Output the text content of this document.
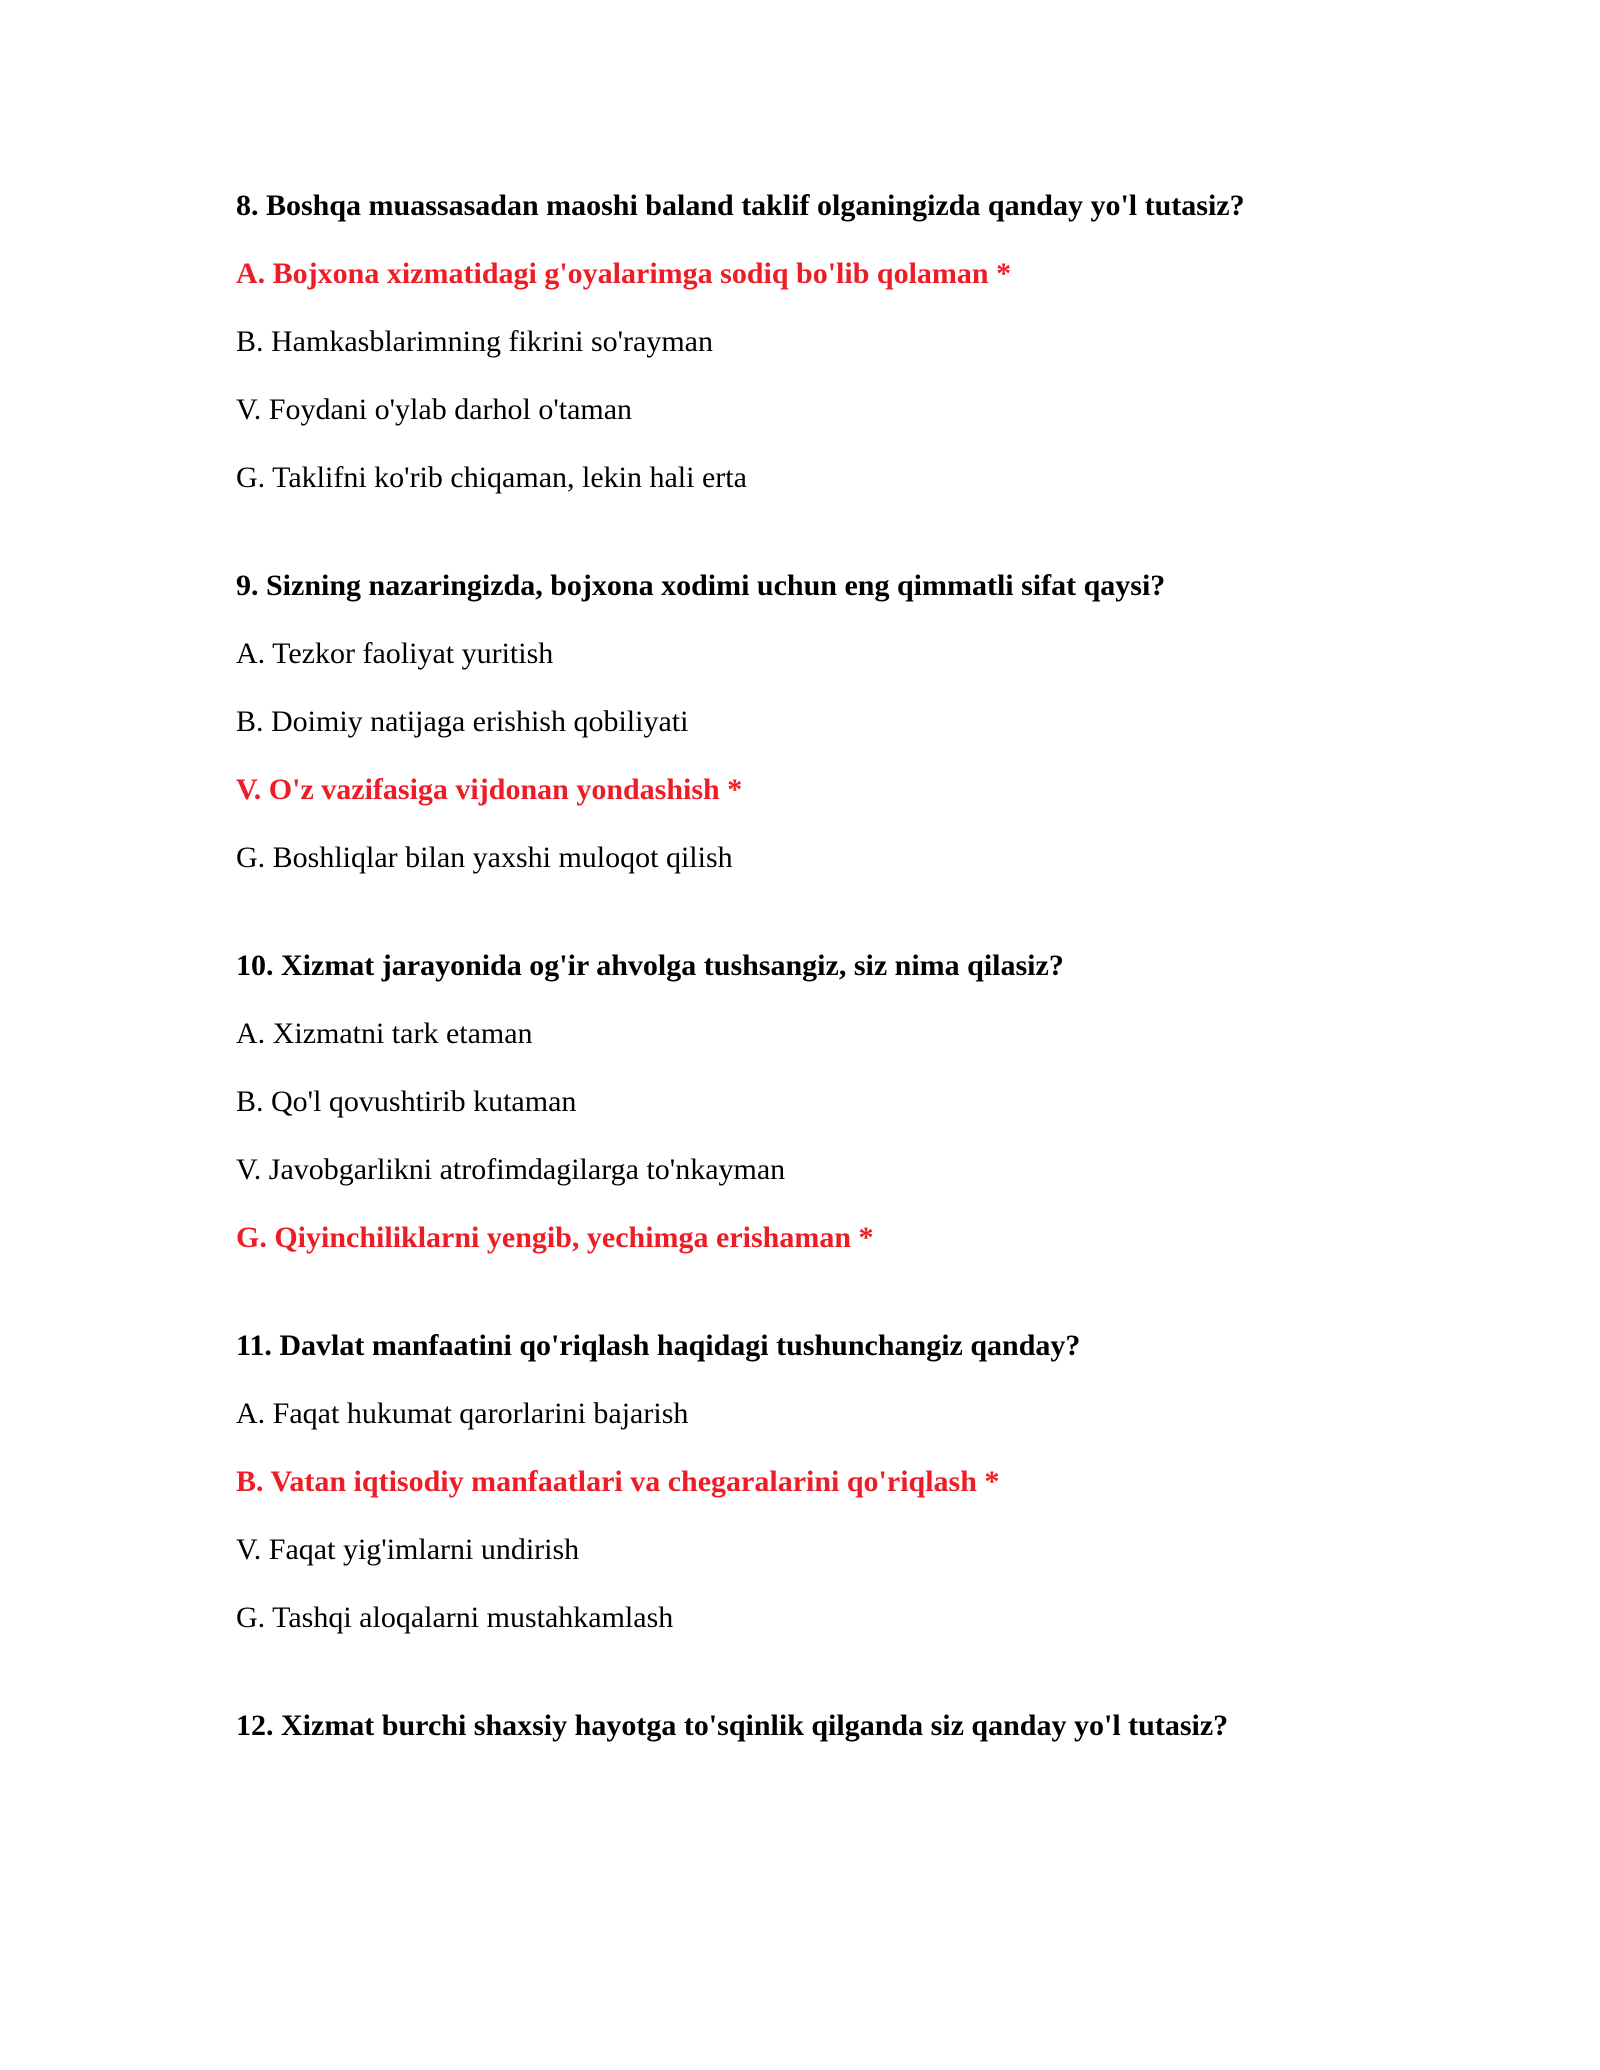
8. Boshqa muassasadan maoshi baland taklif olganingizda qanday yo'l tutasiz?
A. Bojxona xizmatidagi g'oyalarimga sodiq bo'lib qolaman *
B. Hamkasblarimning fikrini so'rayman
V. Foydani o'ylab darhol o'taman
G. Taklifni ko'rib chiqaman, lekin hali erta
9. Sizning nazaringizda, bojxona xodimi uchun eng qimmatli sifat qaysi?
A. Tezkor faoliyat yuritish
B. Doimiy natijaga erishish qobiliyati
V. O'z vazifasiga vijdonan yondashish *
G. Boshliqlar bilan yaxshi muloqot qilish
10. Xizmat jarayonida og'ir ahvolga tushsangiz, siz nima qilasiz?
A. Xizmatni tark etaman
B. Qo'l qovushtirib kutaman
V. Javobgarlikni atrofimdagilarga to'nkayman
G. Qiyinchiliklarni yengib, yechimga erishaman *
11. Davlat manfaatini qo'riqlash haqidagi tushunchangiz qanday?
A. Faqat hukumat qarorlarini bajarish
B. Vatan iqtisodiy manfaatlari va chegaralarini qo'riqlash *
V. Faqat yig'imlarni undirish
G. Tashqi aloqalarni mustahkamlash
12. Xizmat burchi shaxsiy hayotga to'sqinlik qilganda siz qanday yo'l tutasiz?
